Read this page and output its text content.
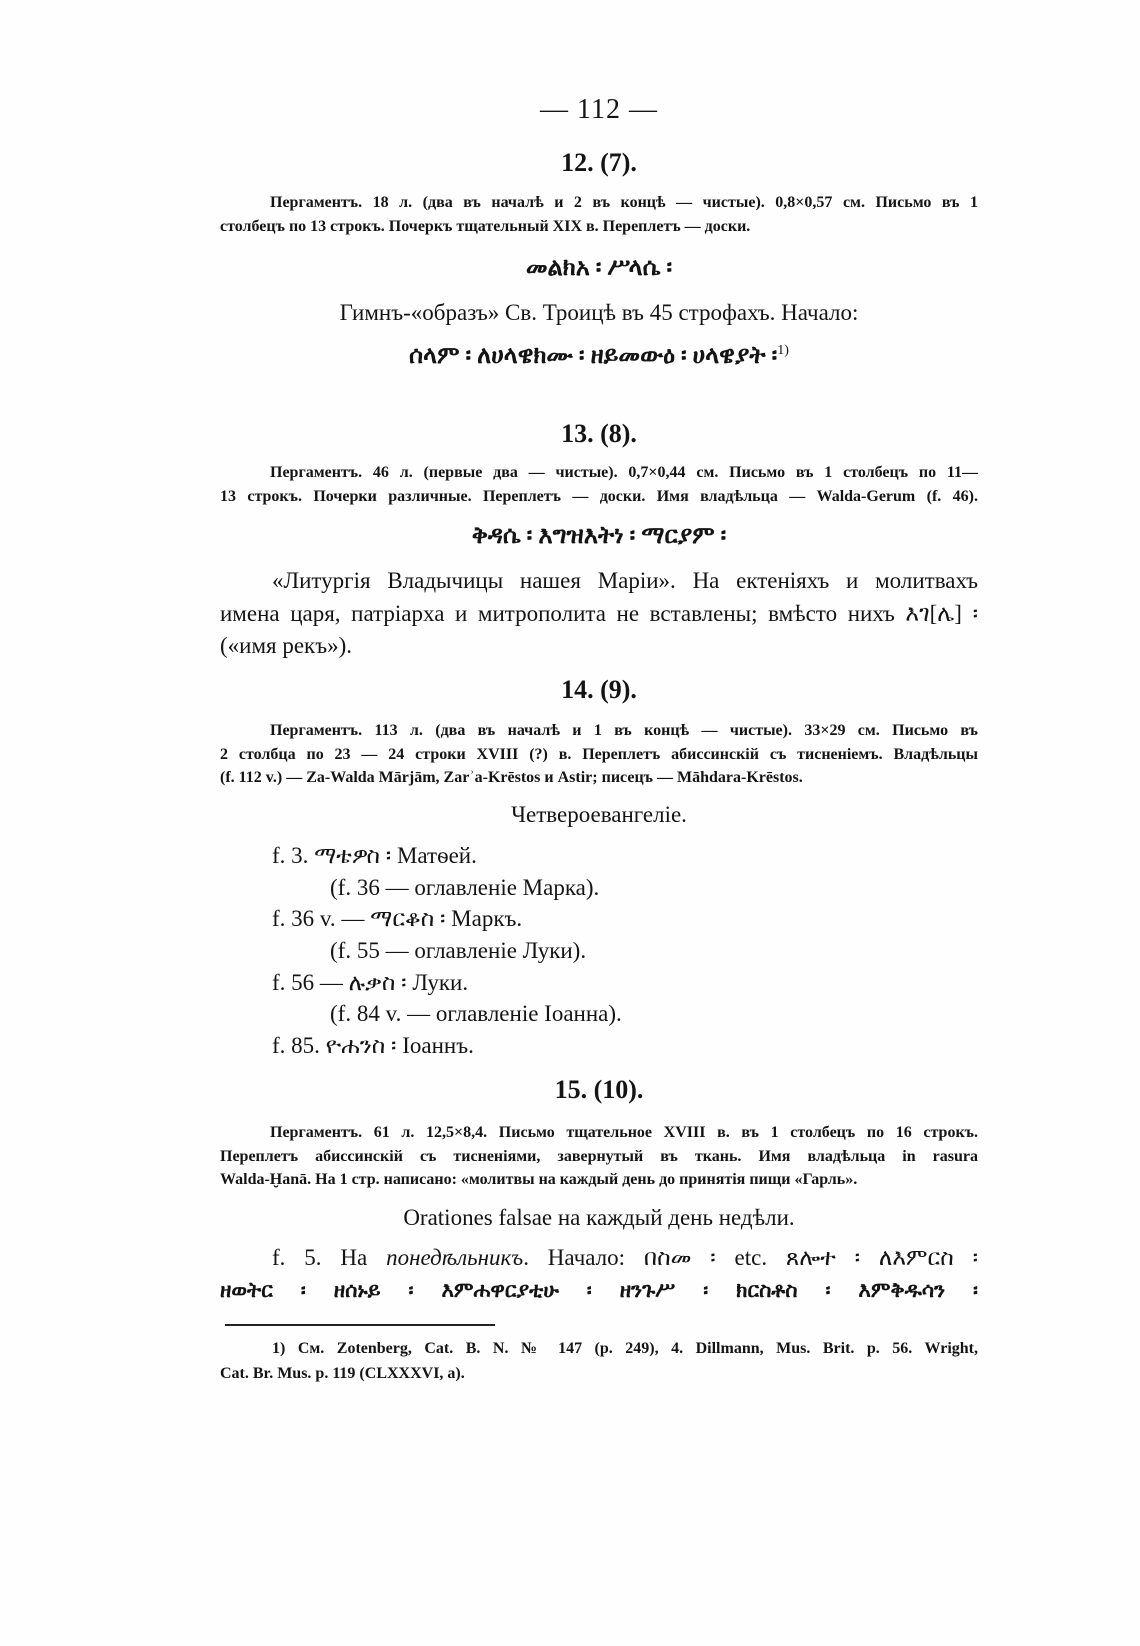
— 112 —
12. (7).
Пергаментъ. 18 л. (два въ началѣ и 2 въ концѣ — чистые). 0,8×0,57 см. Письмо въ 1
столбецъ по 13 строкъ. Почеркъ тщательный XIX в. Переплетъ — доски.
መልክአ ፡ ሥላሴ ፡
Гимнъ-«образъ» Св. Троицѣ въ 45 строфахъ. Начало:
ሰላም ፡ ለሀላዌክሙ ፡ ዘይመውዕ ፡ ሀላዌያት ፡$^{1)}$
13. (8).
Пергаментъ. 46 л. (первые два — чистые). 0,7×0,44 см. Письмо въ 1 столбецъ по 11—
13 строкъ. Почерки различные. Переплетъ — доски. Имя владѣльца — Walda-Gerum (f. 46).
ቅዳሴ ፡ እግዝእትነ ፡ ማርያም ፡
«Литургія Владычицы нашея Маріи». На ектеніяхъ и молитвахъ
имена царя, патріарха и митрополита не вставлены; вмѣсто нихъ እገ[ሌ] ፡
(«имя рекъ»).
14. (9).
Пергаментъ. 113 л. (два въ началѣ и 1 въ концѣ — чистые). 33×29 см. Письмо въ
2 столбца по 23 — 24 строки XVIII (?) в. Переплетъ абиссинскій съ тисненіемъ. Владѣльцы
(f. 112 v.) — Za-Walda Mārjām, Zarʾa-Krēstos и Astir; писецъ — Māhdara-Krēstos.
Четвероевангеліе.
f. 3. ማቴዎስ ፡ Матѳей.
(f. 36 — оглавленіе Марка).
f. 36 v. — ማርቆስ ፡ Маркъ.
(f. 55 — оглавленіе Луки).
f. 56 — ሉቃስ ፡ Луки.
(f. 84 v. — оглавленіе Іоанна).
f. 85. ዮሐንስ ፡ Іоаннъ.
15. (10).
Пергаментъ. 61 л. 12,5×8,4. Письмо тщательное XVIII в. въ 1 столбецъ по 16 строкъ.
Переплетъ абиссинскій съ тисненіями, завернутый въ ткань. Имя владѣльца in rasura
Walda-Ḫanā. На 1 стр. написано: «молитвы на каждый день до принятія пищи «Гарль».
Orationes falsae на каждый день недѣли.
f. 5. На понедѣльникъ. Начало: በስመ ፡ etc. ጸሎተ ፡ ለእምርስ ፡
ዘወትር ፡ ዘሰኑይ ፡ እምሐዋርያቲሁ ፡ ዘንጉሥ ፡ ክርስቶስ ፡ እምቅዱሳን ፡
1) См. Zotenberg, Cat. B. N. № 147 (p. 249), 4. Dillmann, Mus. Brit. p. 56. Wright,
Cat. Br. Mus. p. 119 (CLXXXVI, a).
